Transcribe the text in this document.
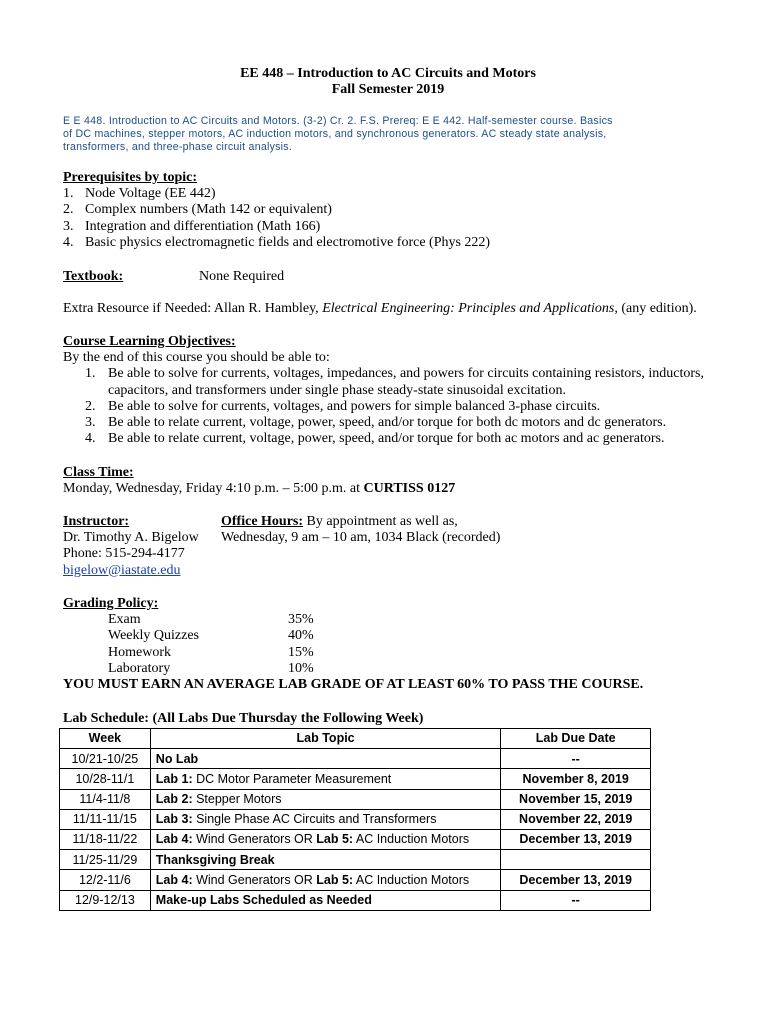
EE 448 – Introduction to AC Circuits and Motors
Fall Semester 2019
E E 448. Introduction to AC Circuits and Motors. (3-2) Cr. 2. F.S. Prereq: E E 442. Half-semester course. Basics
of DC machines, stepper motors, AC induction motors, and synchronous generators. AC steady state analysis,
transformers, and three-phase circuit analysis.
Prerequisites by topic:
1. Node Voltage (EE 442)
2. Complex numbers (Math 142 or equivalent)
3. Integration and differentiation (Math 166)
4. Basic physics electromagnetic fields and electromotive force (Phys 222)
Textbook:	None Required
Extra Resource if Needed: Allan R. Hambley, Electrical Engineering: Principles and Applications, (any edition).
Course Learning Objectives:
By the end of this course you should be able to:
1. Be able to solve for currents, voltages, impedances, and powers for circuits containing resistors, inductors, capacitors, and transformers under single phase steady-state sinusoidal excitation.
2. Be able to solve for currents, voltages, and powers for simple balanced 3-phase circuits.
3. Be able to relate current, voltage, power, speed, and/or torque for both dc motors and dc generators.
4. Be able to relate current, voltage, power, speed, and/or torque for both ac motors and ac generators.
Class Time:
Monday, Wednesday, Friday 4:10 p.m. – 5:00 p.m. at CURTISS 0127
Instructor:
Dr. Timothy A. Bigelow
Phone: 515-294-4177
bigelow@iastate.edu
Office Hours: By appointment as well as,
Wednesday, 9 am – 10 am, 1034 Black (recorded)
Grading Policy:
Exam	35%
Weekly Quizzes	40%
Homework	15%
Laboratory	10%
YOU MUST EARN AN AVERAGE LAB GRADE OF AT LEAST 60% TO PASS THE COURSE.
Lab Schedule: (All Labs Due Thursday the Following Week)
Week	Lab Topic	Lab Due Date
10/21-10/25	No Lab	--
10/28-11/1	Lab 1: DC Motor Parameter Measurement	November 8, 2019
11/4-11/8	Lab 2: Stepper Motors	November 15, 2019
11/11-11/15	Lab 3: Single Phase AC Circuits and Transformers	November 22, 2019
11/18-11/22	Lab 4: Wind Generators OR Lab 5: AC Induction Motors	December 13, 2019
11/25-11/29	Thanksgiving Break	
12/2-11/6	Lab 4: Wind Generators OR Lab 5: AC Induction Motors	December 13, 2019
12/9-12/13	Make-up Labs Scheduled as Needed	--
